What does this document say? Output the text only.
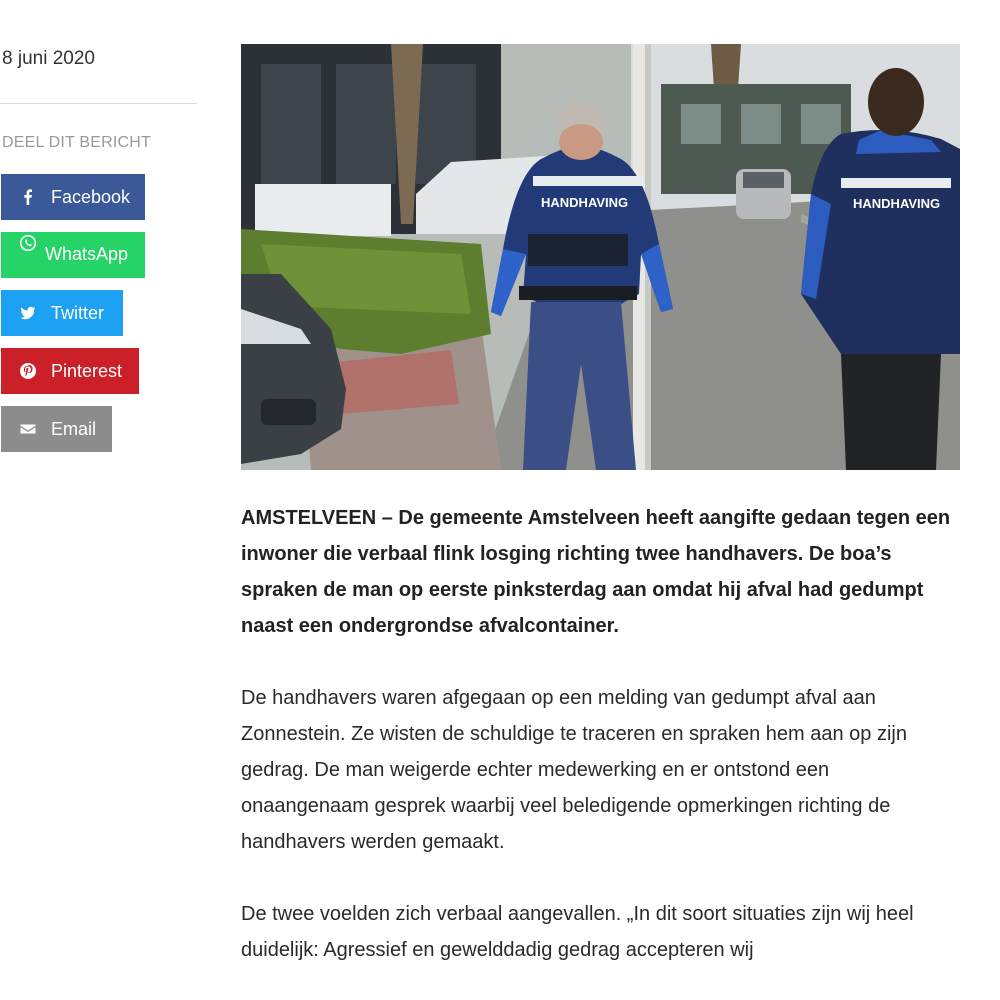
8 juni 2020
DEEL DIT BERICHT
Facebook
WhatsApp
Twitter
Pinterest
Email
HANDHAVING	HANDHAVING

AMSTELVEEN – De gemeente Amstelveen heeft aangifte gedaan tegen een inwoner die verbaal flink losging richting twee handhavers. De boa’s spraken de man op eerste pinksterdag aan omdat hij afval had gedumpt naast een ondergrondse afvalcontainer.

De handhavers waren afgegaan op een melding van gedumpt afval aan Zonnestein. Ze wisten de schuldige te traceren en spraken hem aan op zijn gedrag. De man weigerde echter medewerking en er ontstond een onaangenaam gesprek waarbij veel beledigende opmerkingen richting de handhavers werden gemaakt.

De twee voelden zich verbaal aangevallen. „In dit soort situaties zijn wij heel duidelijk: Agressief en gewelddadig gedrag accepteren wij
